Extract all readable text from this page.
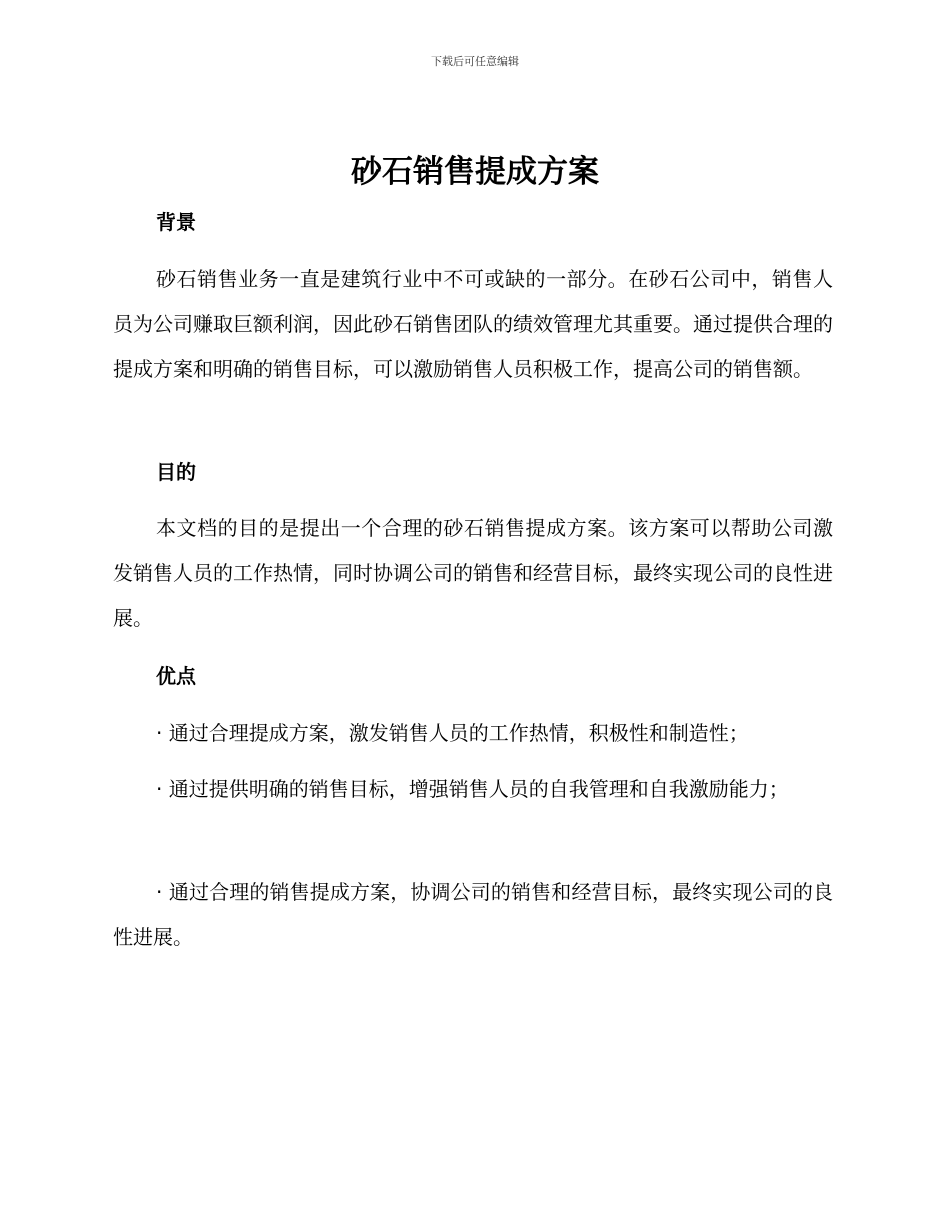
下载后可任意编辑
砂石销售提成方案
背景

砂石销售业务一直是建筑行业中不可或缺的一部分。在砂石公司中，销售人员为公司赚取巨额利润，因此砂石销售团队的绩效管理尤其重要。通过提供合理的提成方案和明确的销售目标，可以激励销售人员积极工作，提高公司的销售额。

目的

本文档的目的是提出一个合理的砂石销售提成方案。该方案可以帮助公司激发销售人员的工作热情，同时协调公司的销售和经营目标，最终实现公司的良性进展。

优点

· 通过合理提成方案，激发销售人员的工作热情，积极性和制造性；

· 通过提供明确的销售目标，增强销售人员的自我管理和自我激励能力；

· 通过合理的销售提成方案，协调公司的销售和经营目标，最终实现公司的良性进展。
